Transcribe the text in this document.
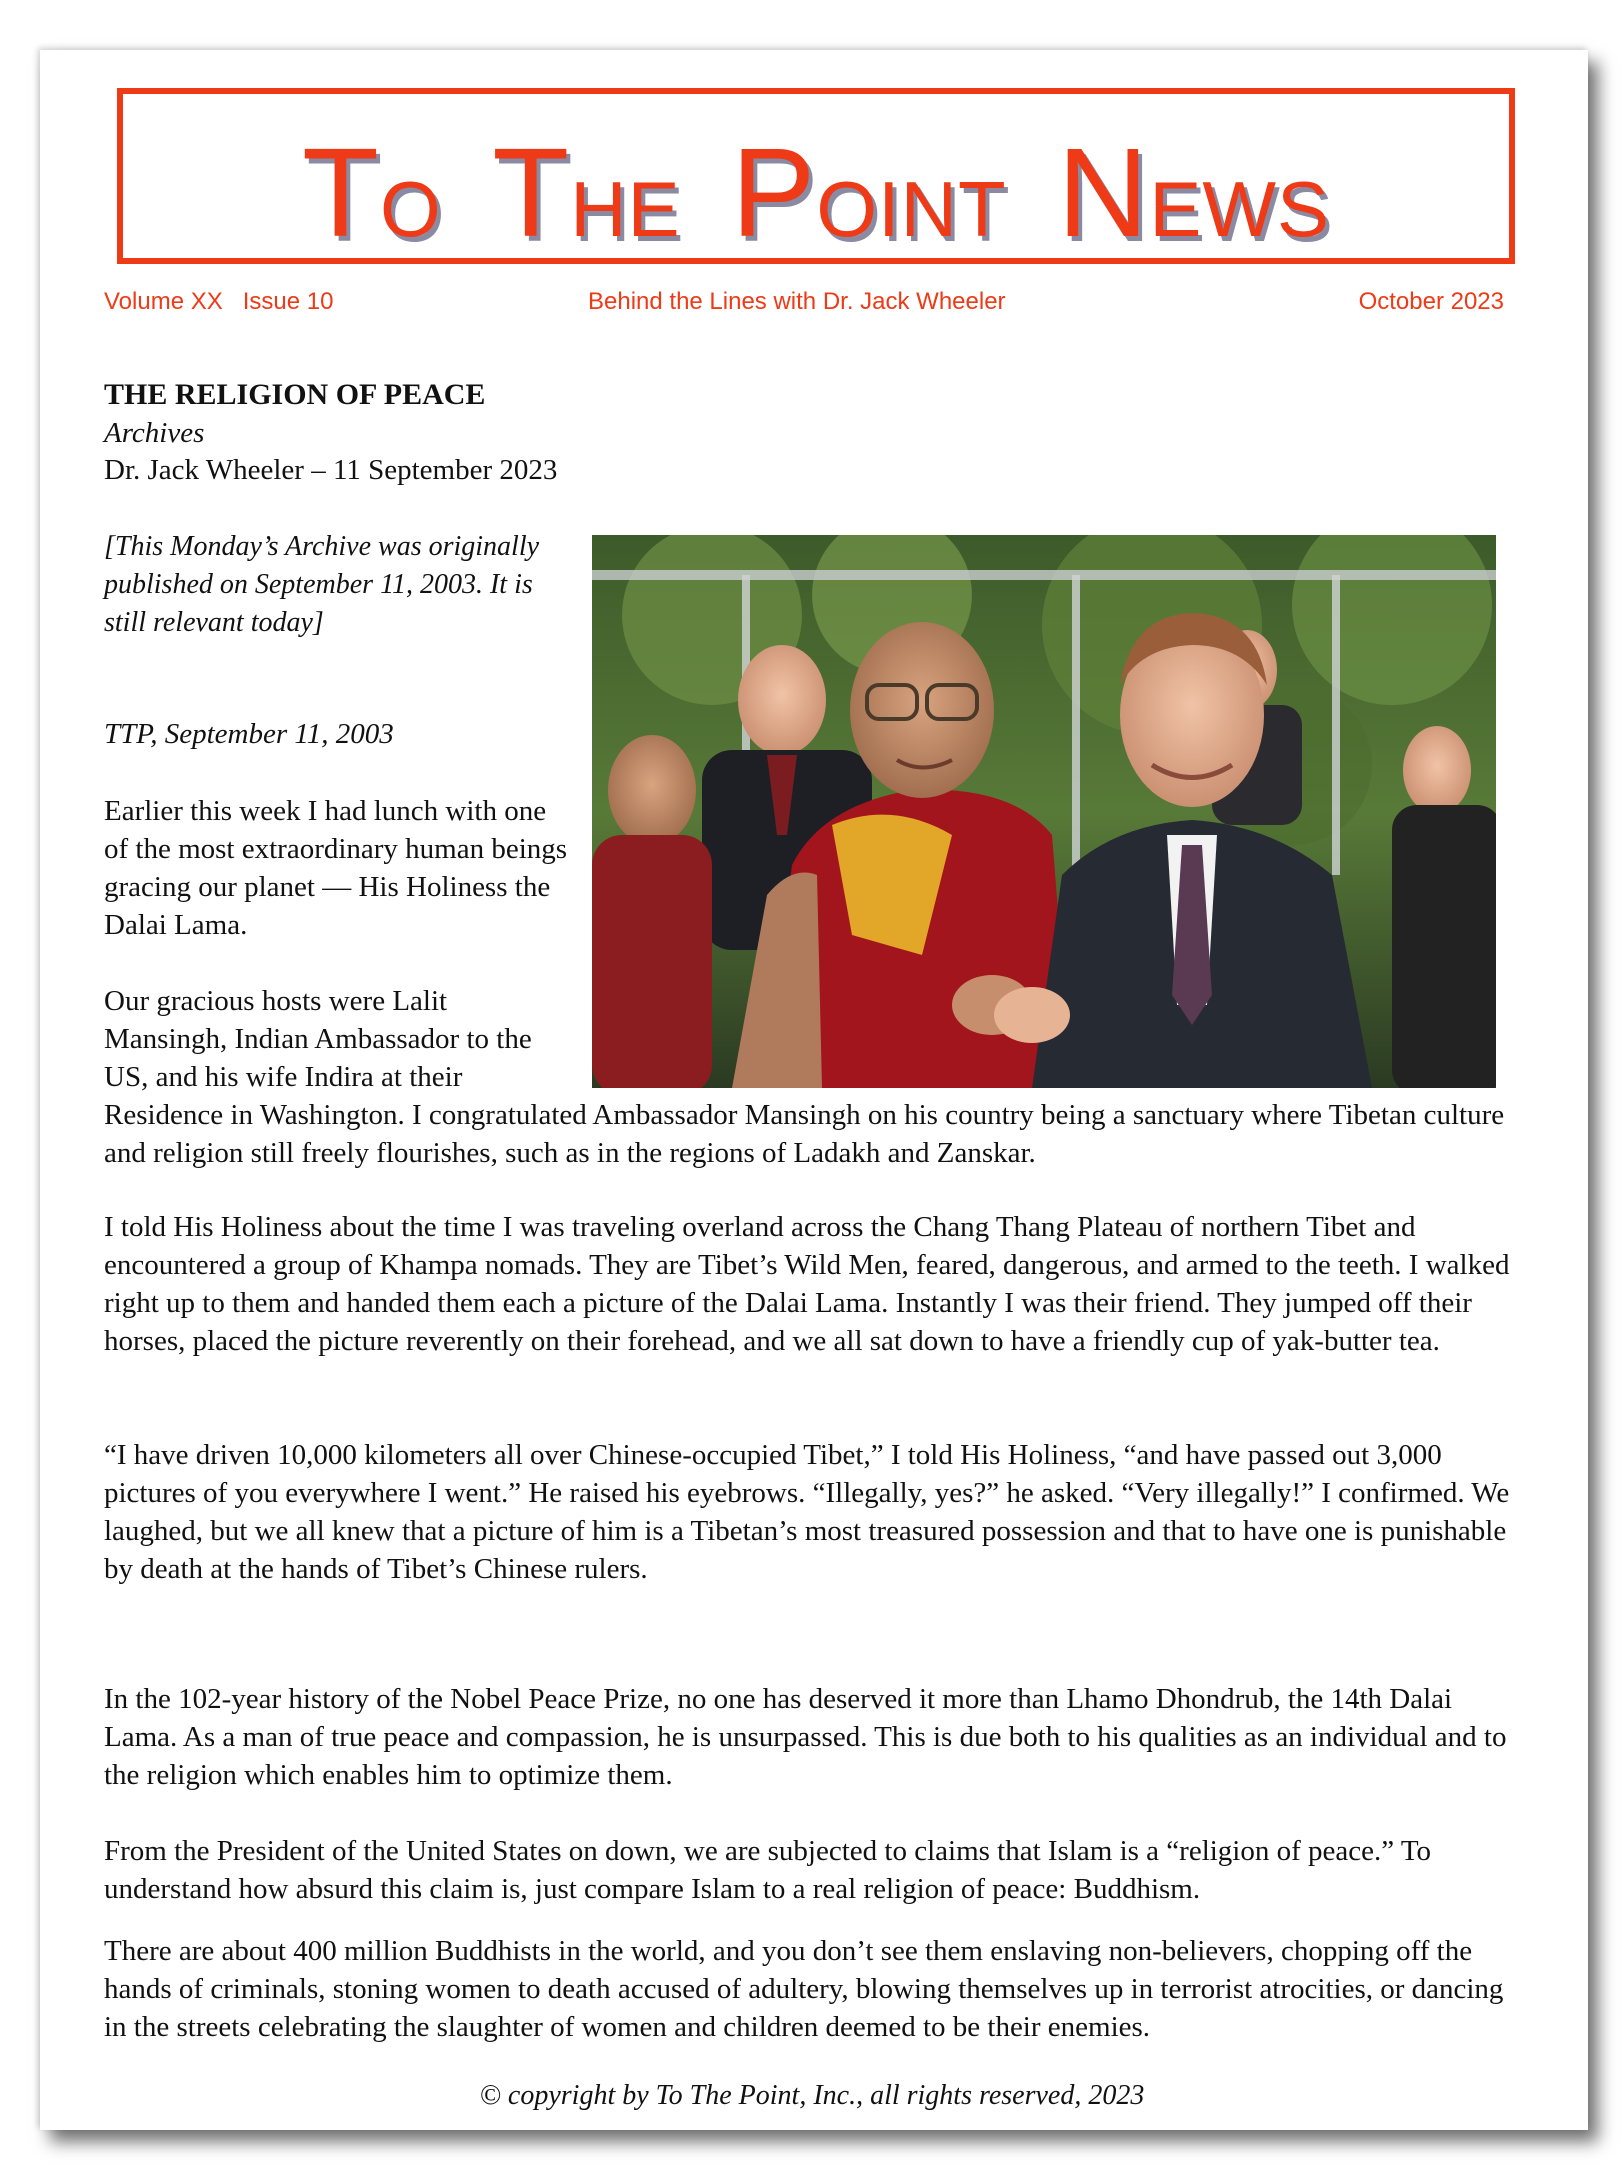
TO THE POINT NEWS
Volume XX   Issue 10	Behind the Lines with Dr. Jack Wheeler	October 2023
THE RELIGION OF PEACE
Archives
Dr. Jack Wheeler – 11 September 2023
[This Monday’s Archive was originally published on September 11, 2003. It is still relevant today]
TTP, September 11, 2003
Earlier this week I had lunch with one of the most extraordinary human beings gracing our planet — His Holiness the Dalai Lama.
Our gracious hosts were Lalit Mansingh, Indian Ambassador to the US, and his wife Indira at their
Residence in Washington. I congratulated Ambassador Mansingh on his country being a sanctuary where Tibetan culture and religion still freely flourishes, such as in the regions of Ladakh and Zanskar.
I told His Holiness about the time I was traveling overland across the Chang Thang Plateau of northern Tibet and encountered a group of Khampa nomads. They are Tibet’s Wild Men, feared, dangerous, and armed to the teeth. I walked right up to them and handed them each a picture of the Dalai Lama. Instantly I was their friend. They jumped off their horses, placed the picture reverently on their forehead, and we all sat down to have a friendly cup of yak-butter tea.
“I have driven 10,000 kilometers all over Chinese-occupied Tibet,” I told His Holiness, “and have passed out 3,000 pictures of you everywhere I went.” He raised his eyebrows. “Illegally, yes?” he asked. “Very illegally!” I confirmed. We laughed, but we all knew that a picture of him is a Tibetan’s most treasured possession and that to have one is punishable by death at the hands of Tibet’s Chinese rulers.
In the 102-year history of the Nobel Peace Prize, no one has deserved it more than Lhamo Dhondrub, the 14th Dalai Lama. As a man of true peace and compassion, he is unsurpassed. This is due both to his qualities as an individual and to the religion which enables him to optimize them.
From the President of the United States on down, we are subjected to claims that Islam is a “religion of peace.” To understand how absurd this claim is, just compare Islam to a real religion of peace: Buddhism.
There are about 400 million Buddhists in the world, and you don’t see them enslaving non-believers, chopping off the hands of criminals, stoning women to death accused of adultery, blowing themselves up in terrorist atrocities, or dancing in the streets celebrating the slaughter of women and children deemed to be their enemies.
© copyright by To The Point, Inc., all rights reserved, 2023
